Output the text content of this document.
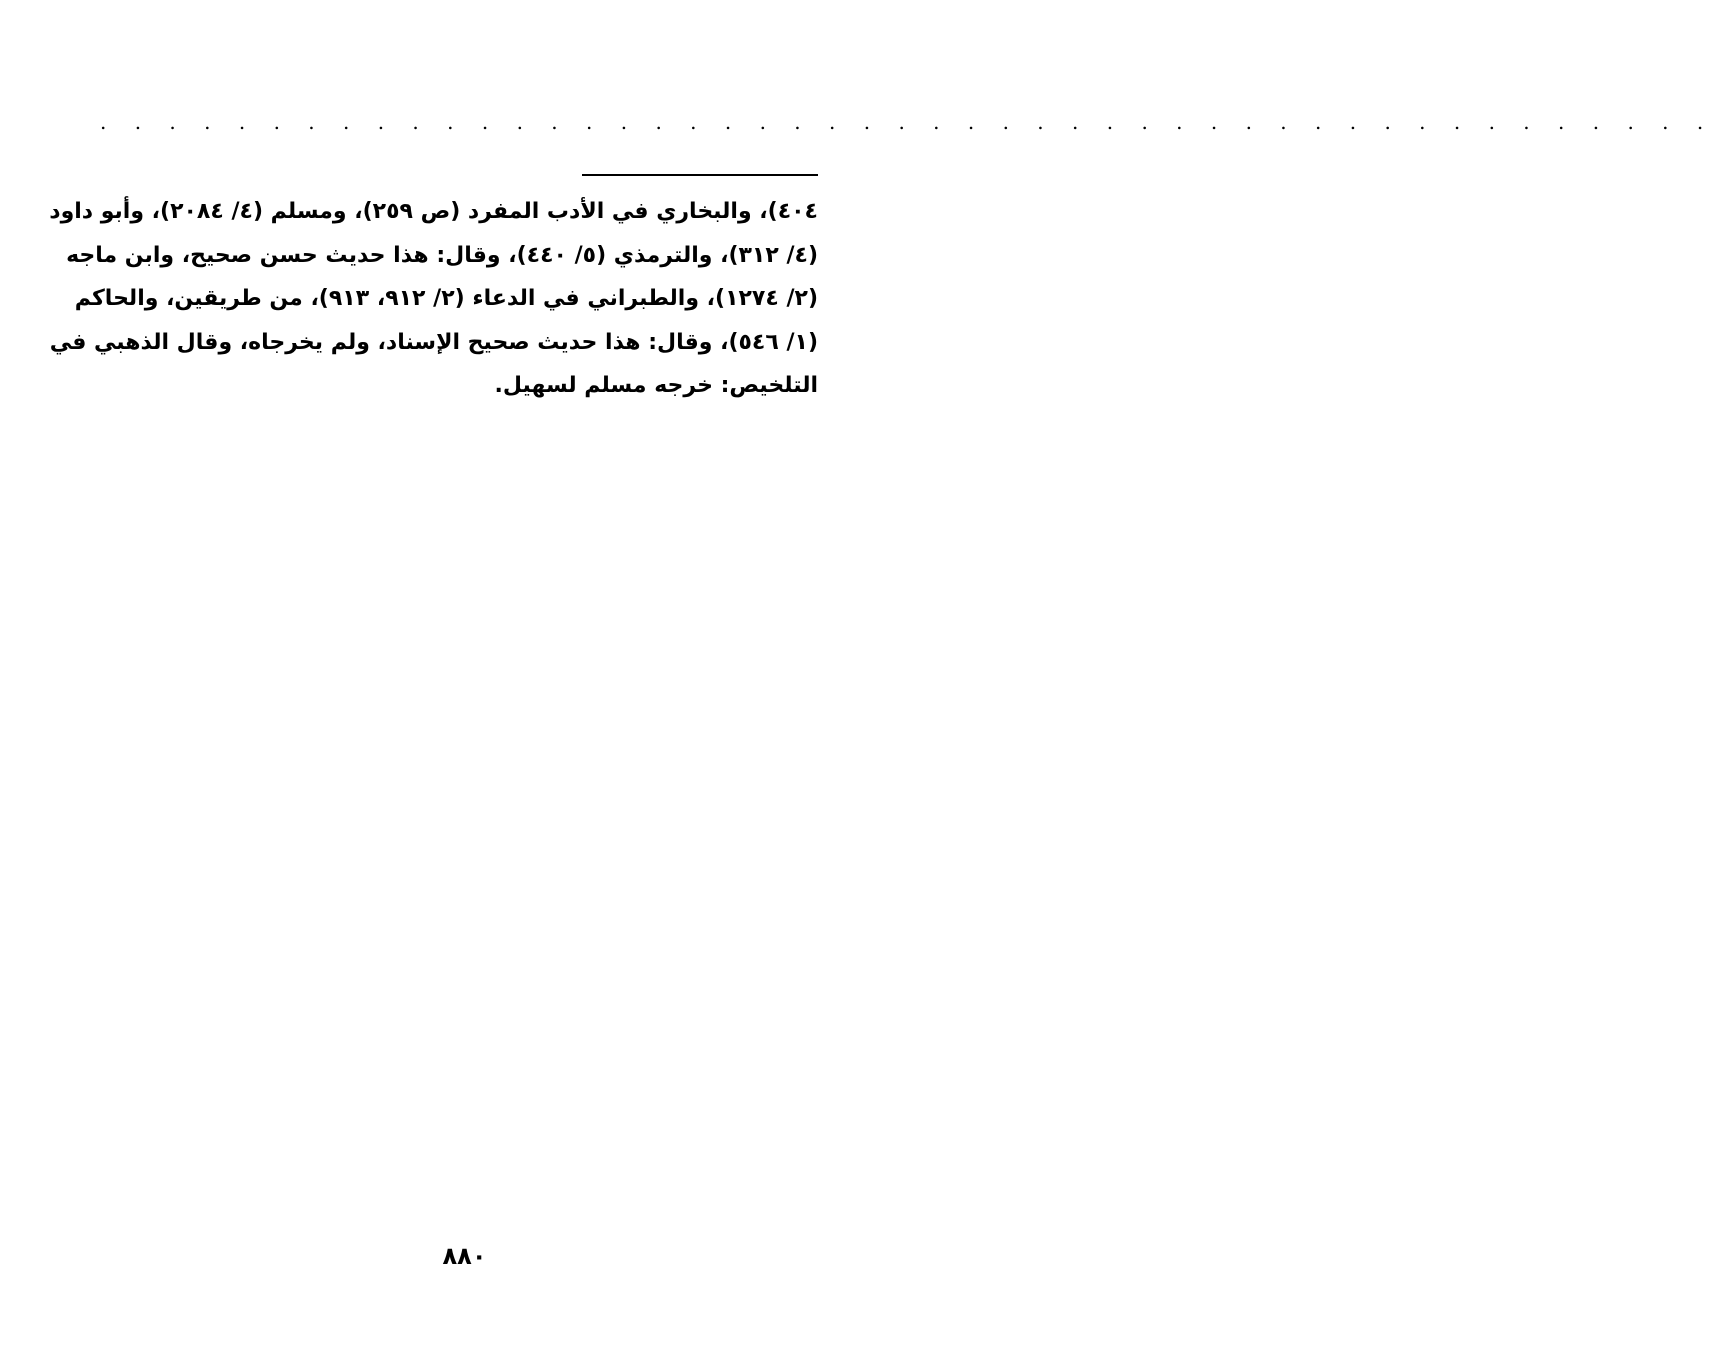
. . . . . . . . . . . . . . . . . . . . . . . . . . . . . . . . . . . . . . . . . . . . . . .
٤٠٤)، والبخاري في الأدب المفرد (ص ٢٥٩)، ومسلم (٤/ ٢٠٨٤)، وأبو داود
(٤/ ٣١٢)، والترمذي (٥/ ٤٤٠)، وقال: هذا حديث حسن صحيح، وابن ماجه
(٢/ ١٢٧٤)، والطبراني في الدعاء (٢/ ٩١٢، ٩١٣)، من طريقين، والحاكم
(١/ ٥٤٦)، وقال: هذا حديث صحيح الإسناد، ولم يخرجاه، وقال الذهبي في
التلخيص: خرجه مسلم لسهيل.
٨٨٠
